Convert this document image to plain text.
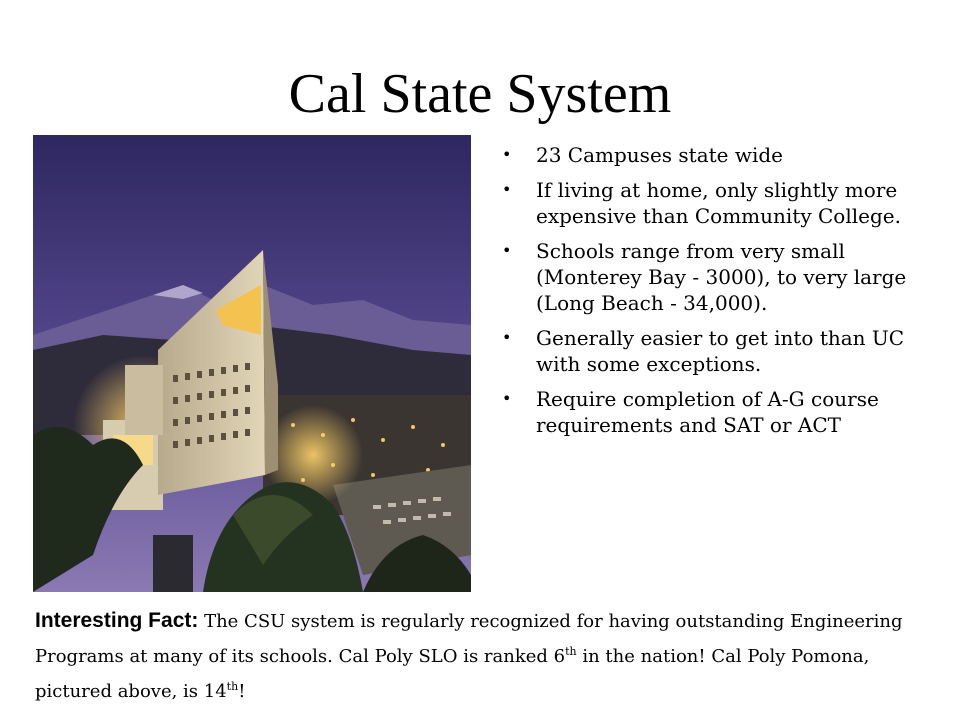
Cal State System
• 23 Campuses state wide
• If living at home, only slightly more expensive than Community College.
• Schools range from very small (Monterey Bay - 3000), to very large (Long Beach - 34,000).
• Generally easier to get into than UC with some exceptions.
• Require completion of A-G course requirements and SAT or ACT

Interesting Fact: The CSU system is regularly recognized for having outstanding Engineering Programs at many of its schools. Cal Poly SLO is ranked 6th in the nation! Cal Poly Pomona, pictured above, is 14th!
